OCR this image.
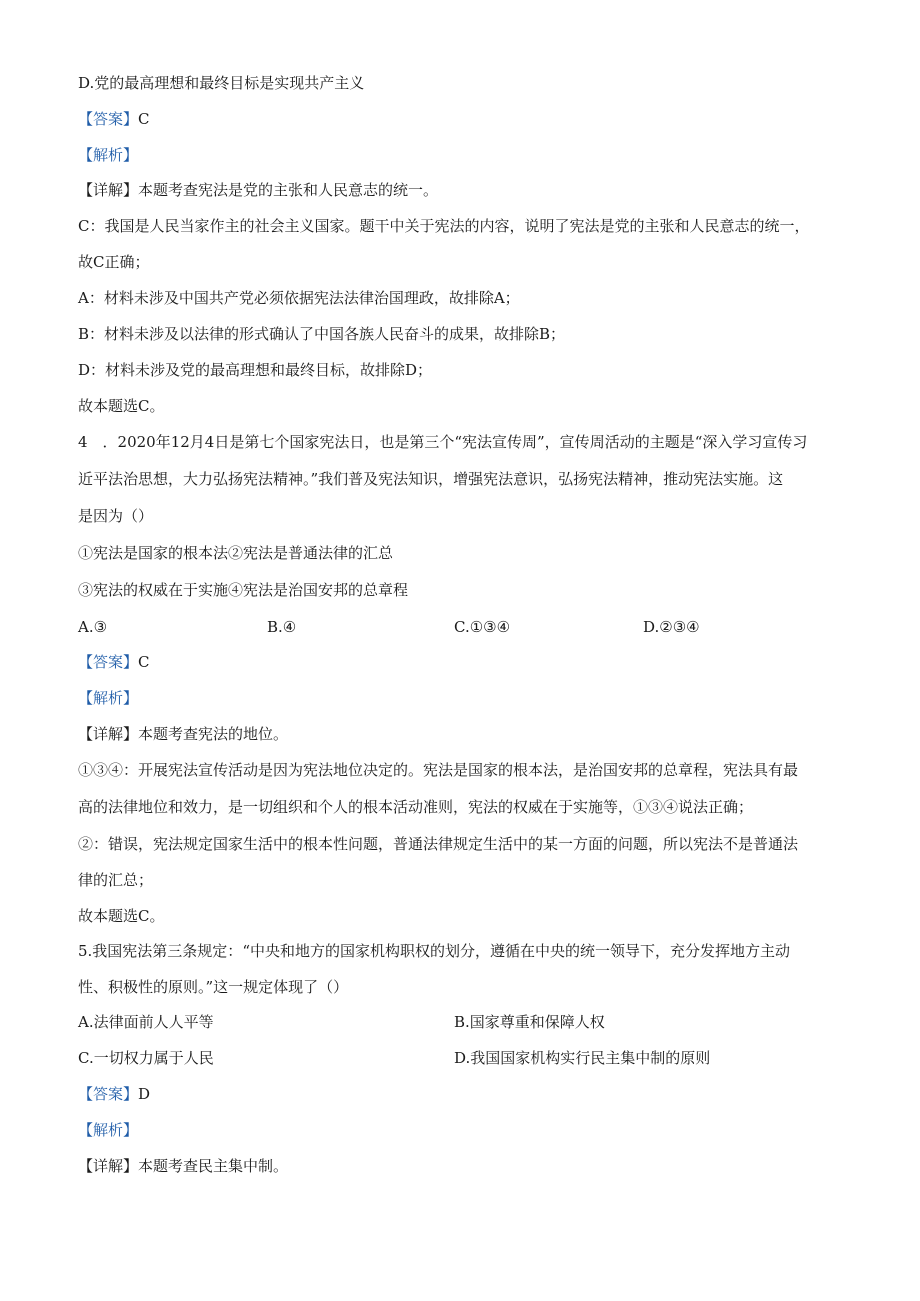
D.党的最高理想和最终目标是实现共产主义
【答案】C
【解析】
【详解】本题考查宪法是党的主张和人民意志的统一。
C：我国是人民当家作主的社会主义国家。题干中关于宪法的内容，说明了宪法是党的主张和人民意志的统一，
故C正确；
A：材料未涉及中国共产党必须依据宪法法律治国理政，故排除A；
B：材料未涉及以法律的形式确认了中国各族人民奋斗的成果，故排除B；
D：材料未涉及党的最高理想和最终目标，故排除D；
故本题选C。
4　．2020年12月4日是第七个国家宪法日，也是第三个“宪法宣传周”，宣传周活动的主题是“深入学习宣传习
近平法治思想，大力弘扬宪法精神。”我们普及宪法知识，增强宪法意识，弘扬宪法精神，推动宪法实施。这
是因为（）
①宪法是国家的根本法②宪法是普通法律的汇总
③宪法的权威在于实施④宪法是治国安邦的总章程
A.③	B.④	C.①③④	D.②③④
【答案】C
【解析】
【详解】本题考查宪法的地位。
①③④：开展宪法宣传活动是因为宪法地位决定的。宪法是国家的根本法，是治国安邦的总章程，宪法具有最
高的法律地位和效力，是一切组织和个人的根本活动准则，宪法的权威在于实施等，①③④说法正确；
②：错误，宪法规定国家生活中的根本性问题，普通法律规定生活中的某一方面的问题，所以宪法不是普通法
律的汇总；
故本题选C。
5.我国宪法第三条规定：“中央和地方的国家机构职权的划分，遵循在中央的统一领导下，充分发挥地方主动
性、积极性的原则。”这一规定体现了（）
A.法律面前人人平等	B.国家尊重和保障人权
C.一切权力属于人民	D.我国国家机构实行民主集中制的原则
【答案】D
【解析】
【详解】本题考查民主集中制。
